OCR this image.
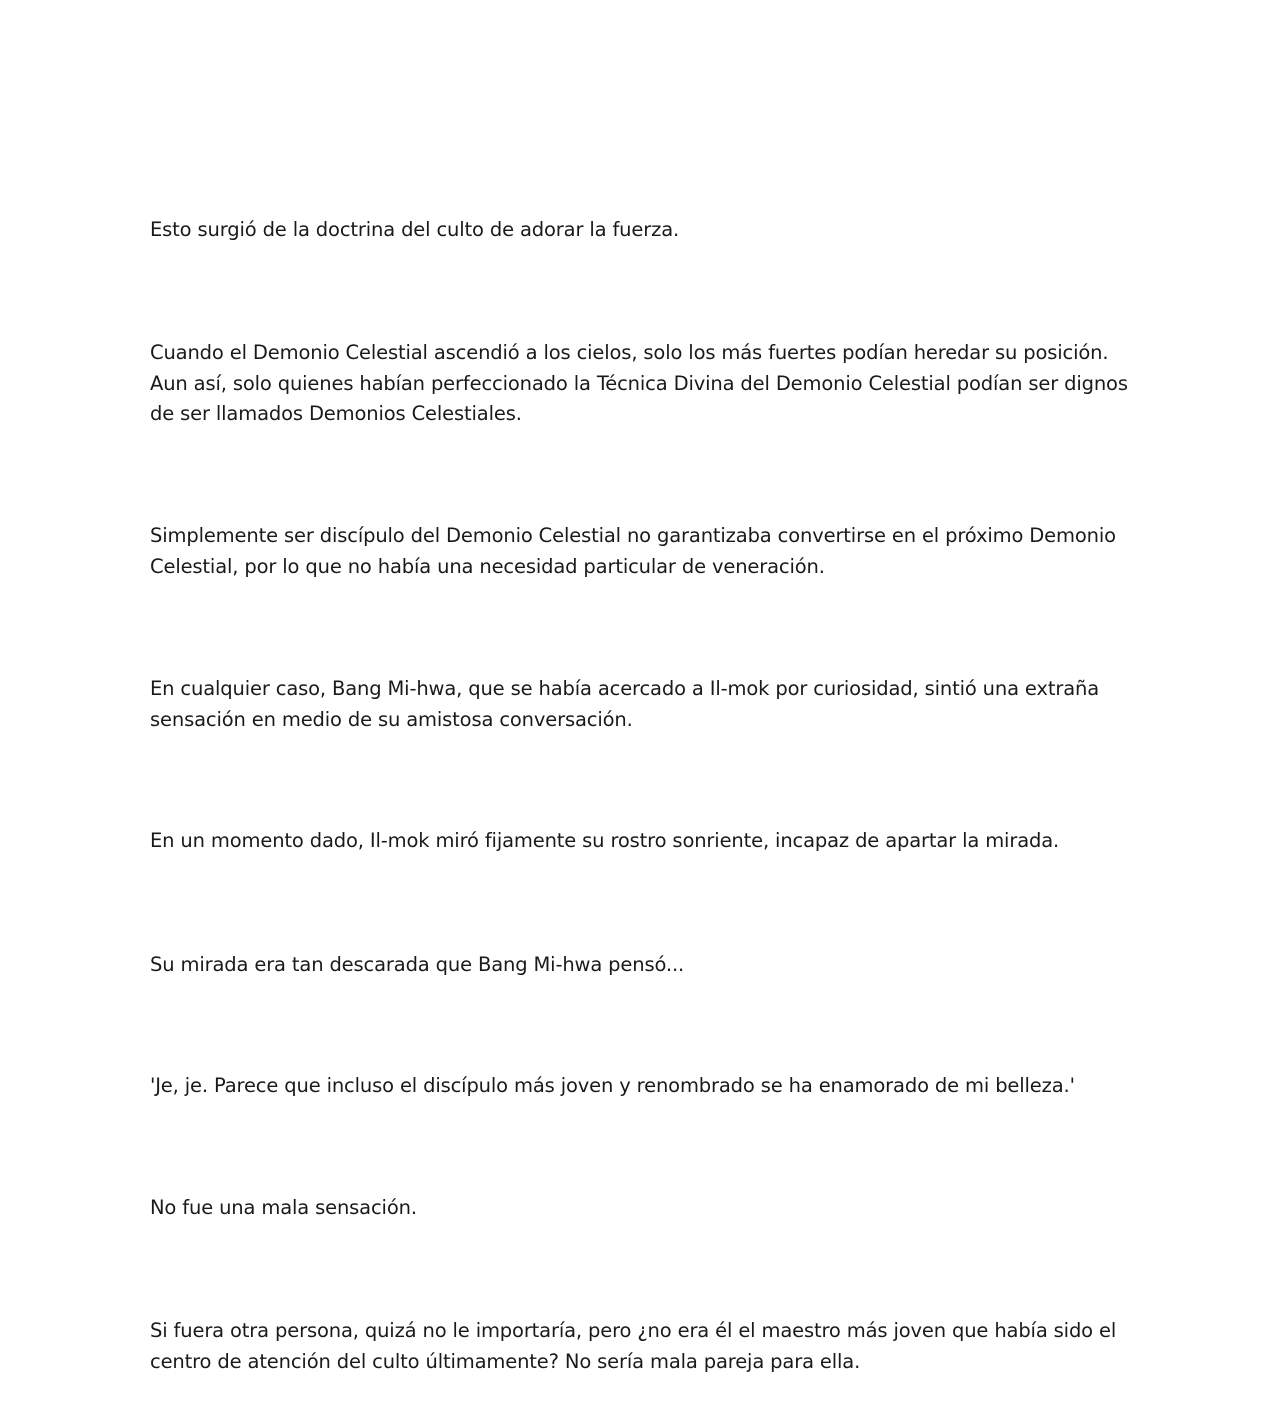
Esto surgió de la doctrina del culto de adorar la fuerza.

Cuando el Demonio Celestial ascendió a los cielos, solo los más fuertes podían heredar su posición. Aun así, solo quienes habían perfeccionado la Técnica Divina del Demonio Celestial podían ser dignos de ser llamados Demonios Celestiales.

Simplemente ser discípulo del Demonio Celestial no garantizaba convertirse en el próximo Demonio Celestial, por lo que no había una necesidad particular de veneración.

En cualquier caso, Bang Mi-hwa, que se había acercado a Il-mok por curiosidad, sintió una extraña sensación en medio de su amistosa conversación.

En un momento dado, Il-mok miró fijamente su rostro sonriente, incapaz de apartar la mirada.

Su mirada era tan descarada que Bang Mi-hwa pensó...

'Je, je. Parece que incluso el discípulo más joven y renombrado se ha enamorado de mi belleza.'

No fue una mala sensación.

Si fuera otra persona, quizá no le importaría, pero ¿no era él el maestro más joven que había sido el centro de atención del culto últimamente? No sería mala pareja para ella.
